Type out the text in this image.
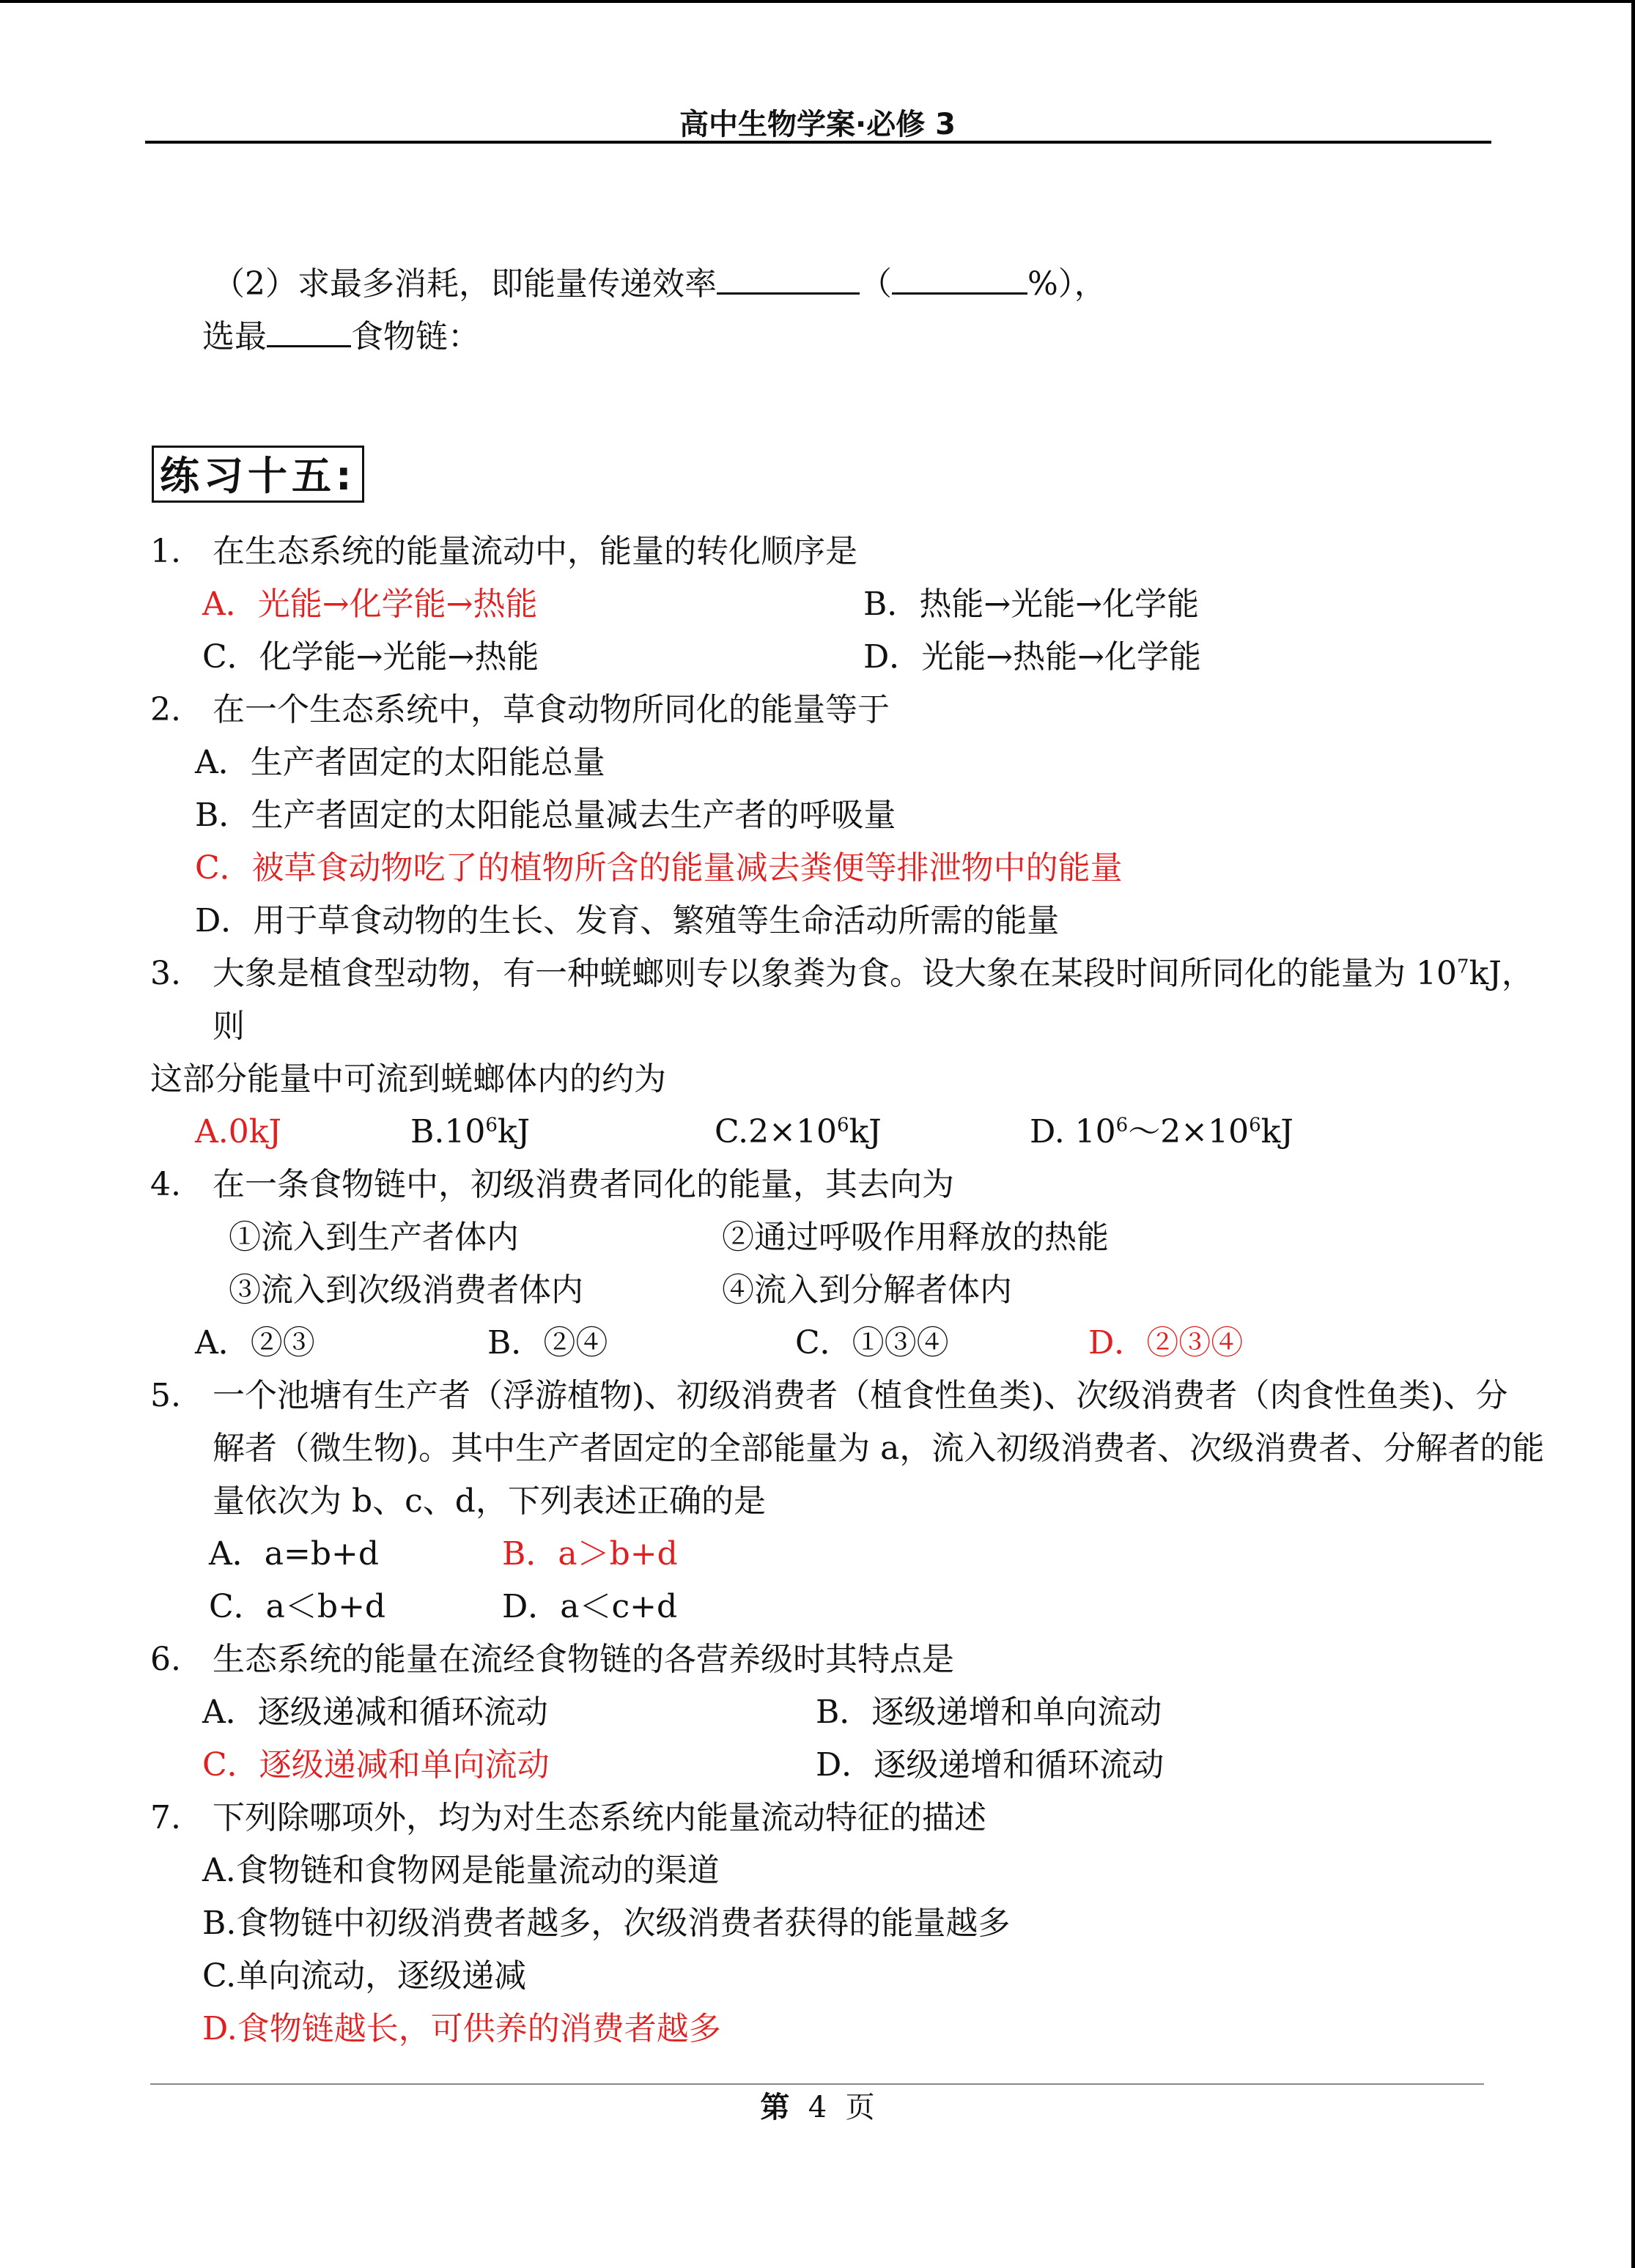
高中生物学案·必修 3
（2）求最多消耗，即能量传递效率	（	%），
选最	食物链：
练习十五:
1. 在生态系统的能量流动中，能量的转化顺序是
A．光能→化学能→热能	B．热能→光能→化学能
C．化学能→光能→热能	D．光能→热能→化学能
2. 在一个生态系统中，草食动物所同化的能量等于
A．生产者固定的太阳能总量
B．生产者固定的太阳能总量减去生产者的呼吸量
C．被草食动物吃了的植物所含的能量减去粪便等排泄物中的能量
D．用于草食动物的生长、发育、繁殖等生命活动所需的能量
3. 大象是植食型动物，有一种蜣螂则专以象粪为食。设大象在某段时间所同化的能量为 $10^7kJ$，
则
这部分能量中可流到蜣螂体内的约为
A.0kJ	$B.10^6kJ$	$C.2\times 10^6kJ$	D. $10^6\sim 2\times 10^6kJ$
4. 在一条食物链中，初级消费者同化的能量，其去向为
①流入到生产者体内	②通过呼吸作用释放的热能
③流入到次级消费者体内	④流入到分解者体内
A．②③	B．②④	C．①③④	D．②③④
5. 一个池塘有生产者（浮游植物)、初级消费者（植食性鱼类)、次级消费者（肉食性鱼类)、分
解者（微生物)。其中生产者固定的全部能量为 a，流入初级消费者、次级消费者、分解者的能
量依次为 b、c、d，下列表述正确的是
A．a=b+d	B．a＞b+d
C．a＜b+d	D．a＜c+d
6. 生态系统的能量在流经食物链的各营养级时其特点是
A．逐级递减和循环流动	B．逐级递增和单向流动
C．逐级递减和单向流动	D．逐级递增和循环流动
7. 下列除哪项外，均为对生态系统内能量流动特征的描述
A.食物链和食物网是能量流动的渠道
B.食物链中初级消费者越多，次级消费者获得的能量越多
C.单向流动，逐级递减
D.食物链越长，可供养的消费者越多
第 4 页
